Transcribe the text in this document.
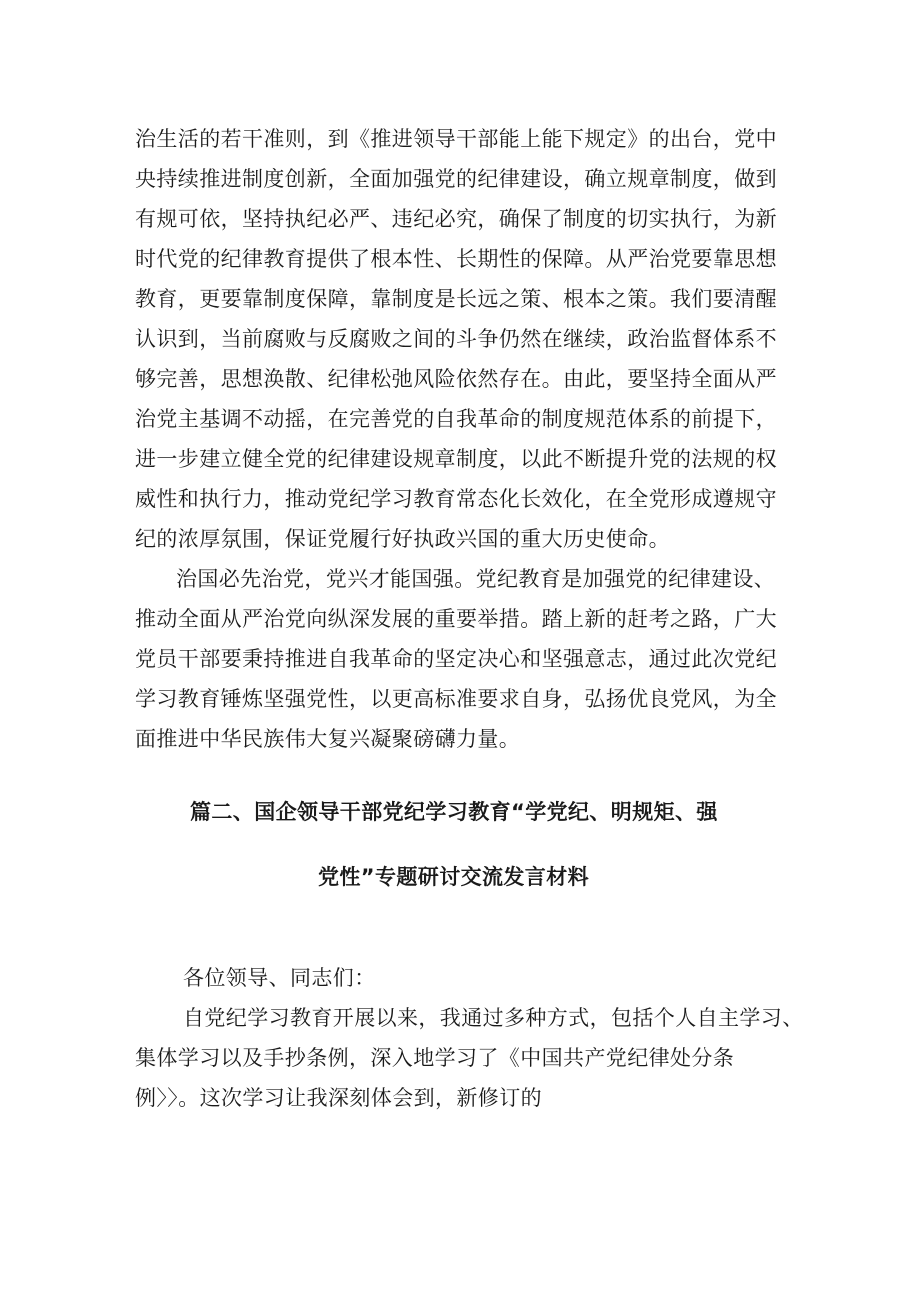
治生活的若干准则，到《推进领导干部能上能下规定》的出台，党中
央持续推进制度创新，全面加强党的纪律建设，确立规章制度，做到
有规可依，坚持执纪必严、违纪必究，确保了制度的切实执行，为新
时代党的纪律教育提供了根本性、长期性的保障。从严治党要靠思想
教育，更要靠制度保障，靠制度是长远之策、根本之策。我们要清醒
认识到，当前腐败与反腐败之间的斗争仍然在继续，政治监督体系不
够完善，思想涣散、纪律松弛风险依然存在。由此，要坚持全面从严
治党主基调不动摇，在完善党的自我革命的制度规范体系的前提下，
进一步建立健全党的纪律建设规章制度，以此不断提升党的法规的权
威性和执行力，推动党纪学习教育常态化长效化，在全党形成遵规守
纪的浓厚氛围，保证党履行好执政兴国的重大历史使命。
治国必先治党，党兴才能国强。党纪教育是加强党的纪律建设、
推动全面从严治党向纵深发展的重要举措。踏上新的赶考之路，广大
党员干部要秉持推进自我革命的坚定决心和坚强意志，通过此次党纪
学习教育锤炼坚强党性，以更高标准要求自身，弘扬优良党风，为全
面推进中华民族伟大复兴凝聚磅礴力量。
篇二、国企领导干部党纪学习教育“学党纪、明规矩、强
党性”专题研讨交流发言材料
各位领导、同志们：
自党纪学习教育开展以来，我通过多种方式，包括个人自主学习、
集体学习以及手抄条例，深入地学习了《中国共产党纪律处分条
例〉〉。这次学习让我深刻体会到，新修订的
